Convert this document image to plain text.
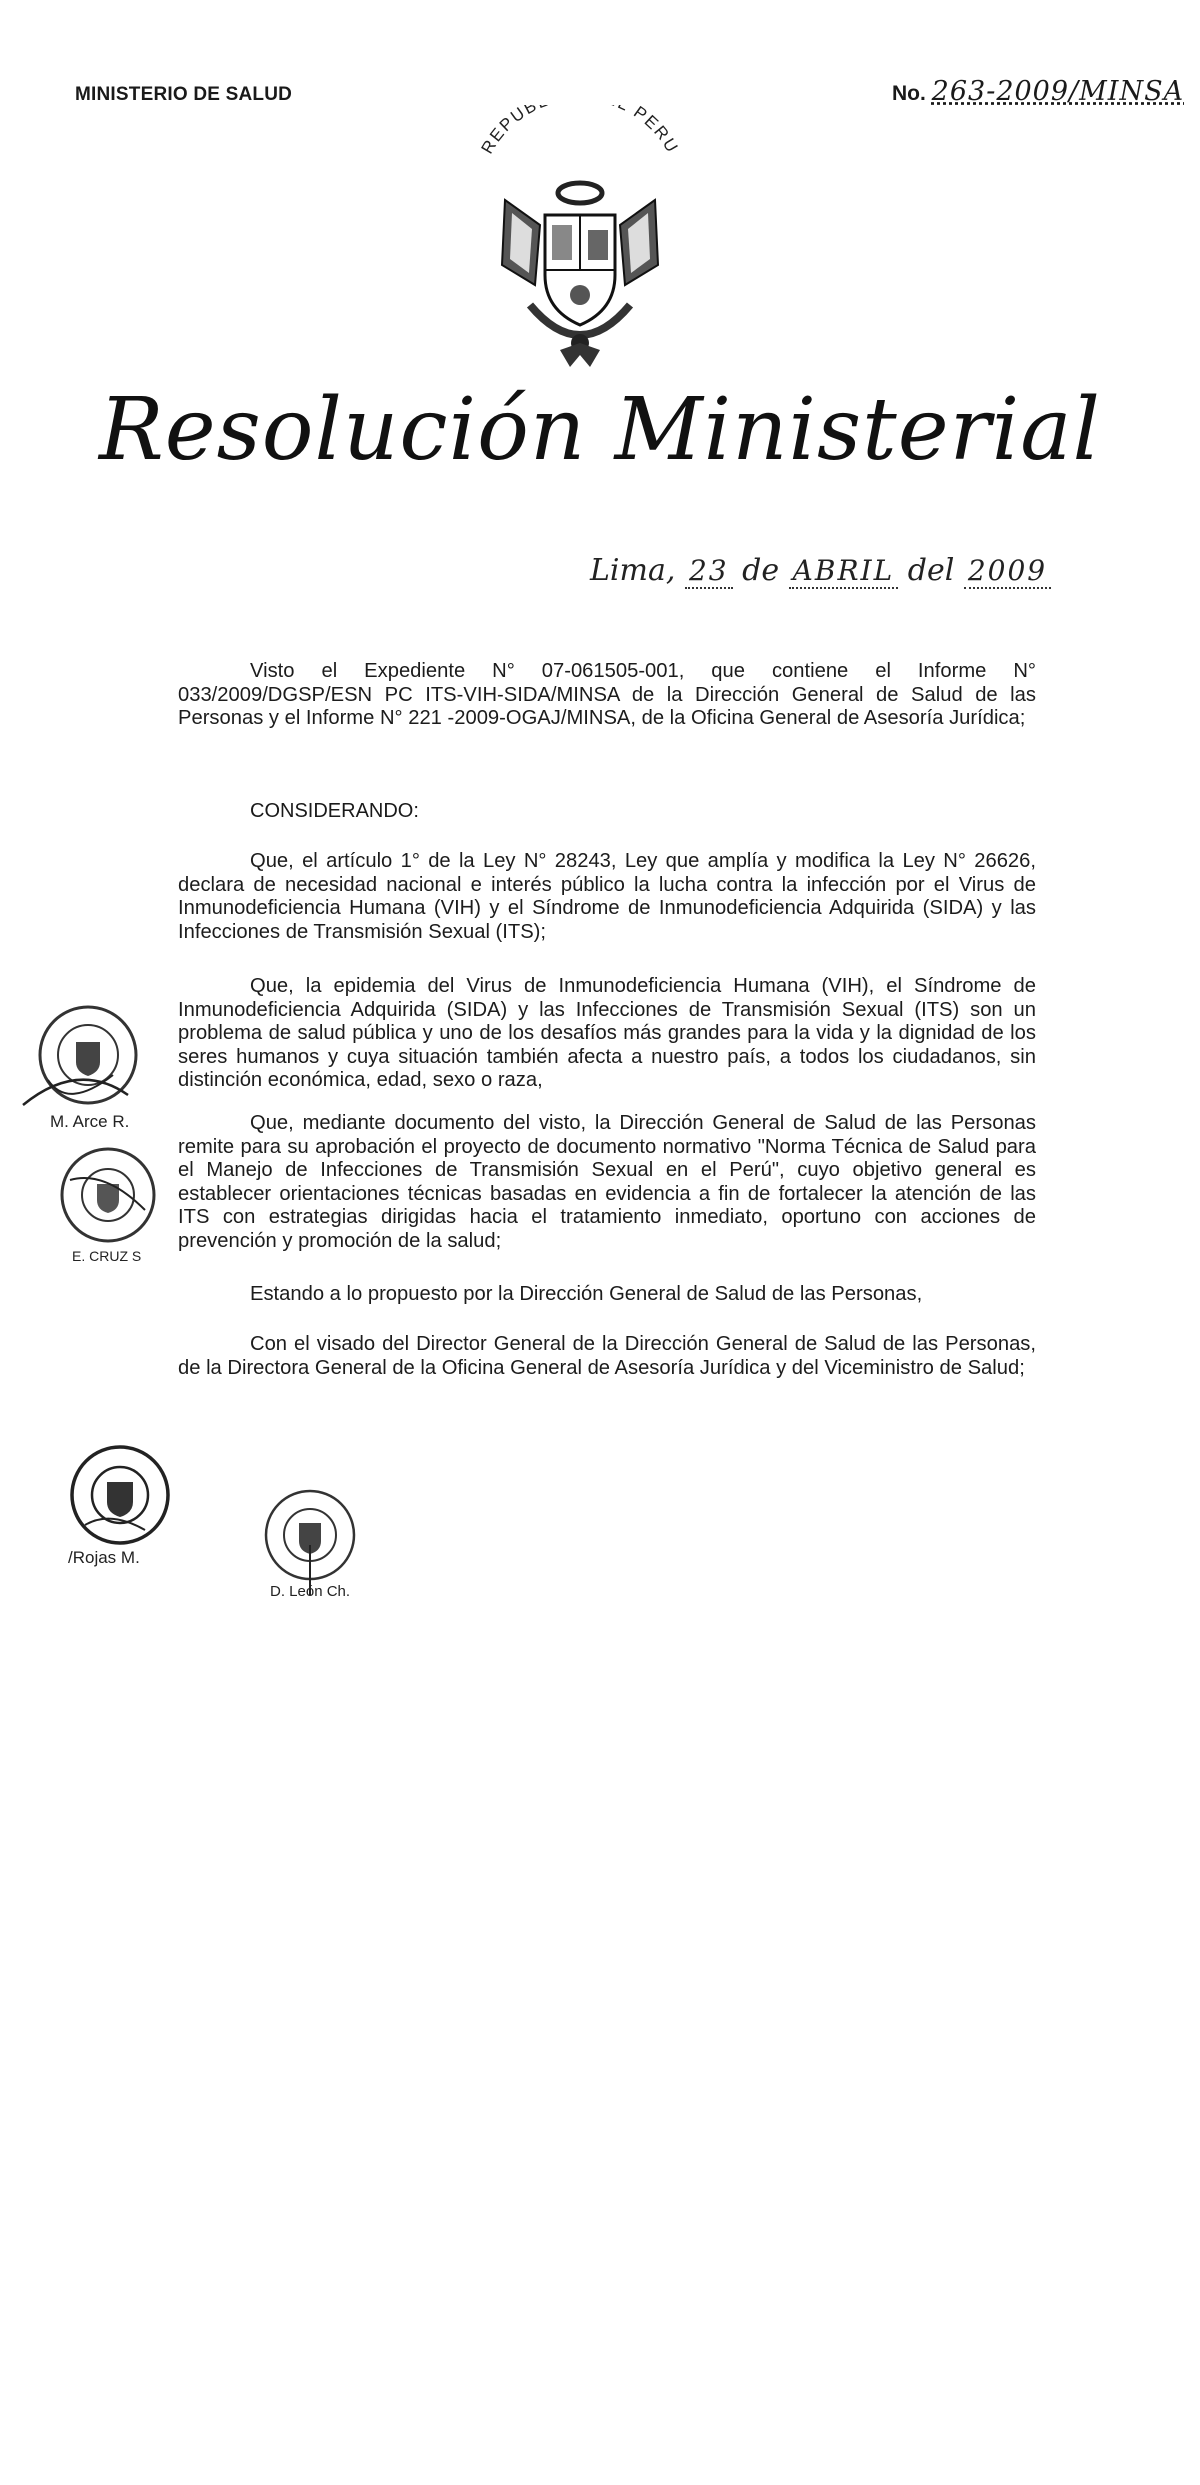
MINISTERIO DE SALUD	No. 263-2009/MINSA
REPUB PERU
Resolución Ministerial
Lima, 23 de ABRIL del 2009

Visto el Expediente N° 07-061505-001, que contiene el Informe N° 033/2009/DGSP/ESN PC ITS-VIH-SIDA/MINSA de la Dirección General de Salud de las Personas y el Informe N° 221 -2009-OGAJ/MINSA, de la Oficina General de Asesoría Jurídica;

CONSIDERANDO:

Que, el artículo 1° de la Ley N° 28243, Ley que amplía y modifica la Ley N° 26626, declara de necesidad nacional e interés público la lucha contra la infección por el Virus de Inmunodeficiencia Humana (VIH) y el Síndrome de Inmunodeficiencia Adquirida (SIDA) y las Infecciones de Transmisión Sexual (ITS);

Que, la epidemia del Virus de Inmunodeficiencia Humana (VIH), el Síndrome de Inmunodeficiencia Adquirida (SIDA) y las Infecciones de Transmisión Sexual (ITS) son un problema de salud pública y uno de los desafíos más grandes para la vida y la dignidad de los seres humanos y cuya situación también afecta a nuestro país, a todos los ciudadanos, sin distinción económica, edad, sexo o raza,

Que, mediante documento del visto, la Dirección General de Salud de las Personas remite para su aprobación el proyecto de documento normativo "Norma Técnica de Salud para el Manejo de Infecciones de Transmisión Sexual en el Perú", cuyo objetivo general es establecer orientaciones técnicas basadas en evidencia a fin de fortalecer la atención de las ITS con estrategias dirigidas hacia el tratamiento inmediato, oportuno con acciones de prevención y promoción de la salud;

Estando a lo propuesto por la Dirección General de Salud de las Personas,

Con el visado del Director General de la Dirección General de Salud de las Personas, de la Directora General de la Oficina General de Asesoría Jurídica y del Viceministro de Salud;

M. Arce R.
E. CRUZ S
/Rojas M.
D. León Ch.
